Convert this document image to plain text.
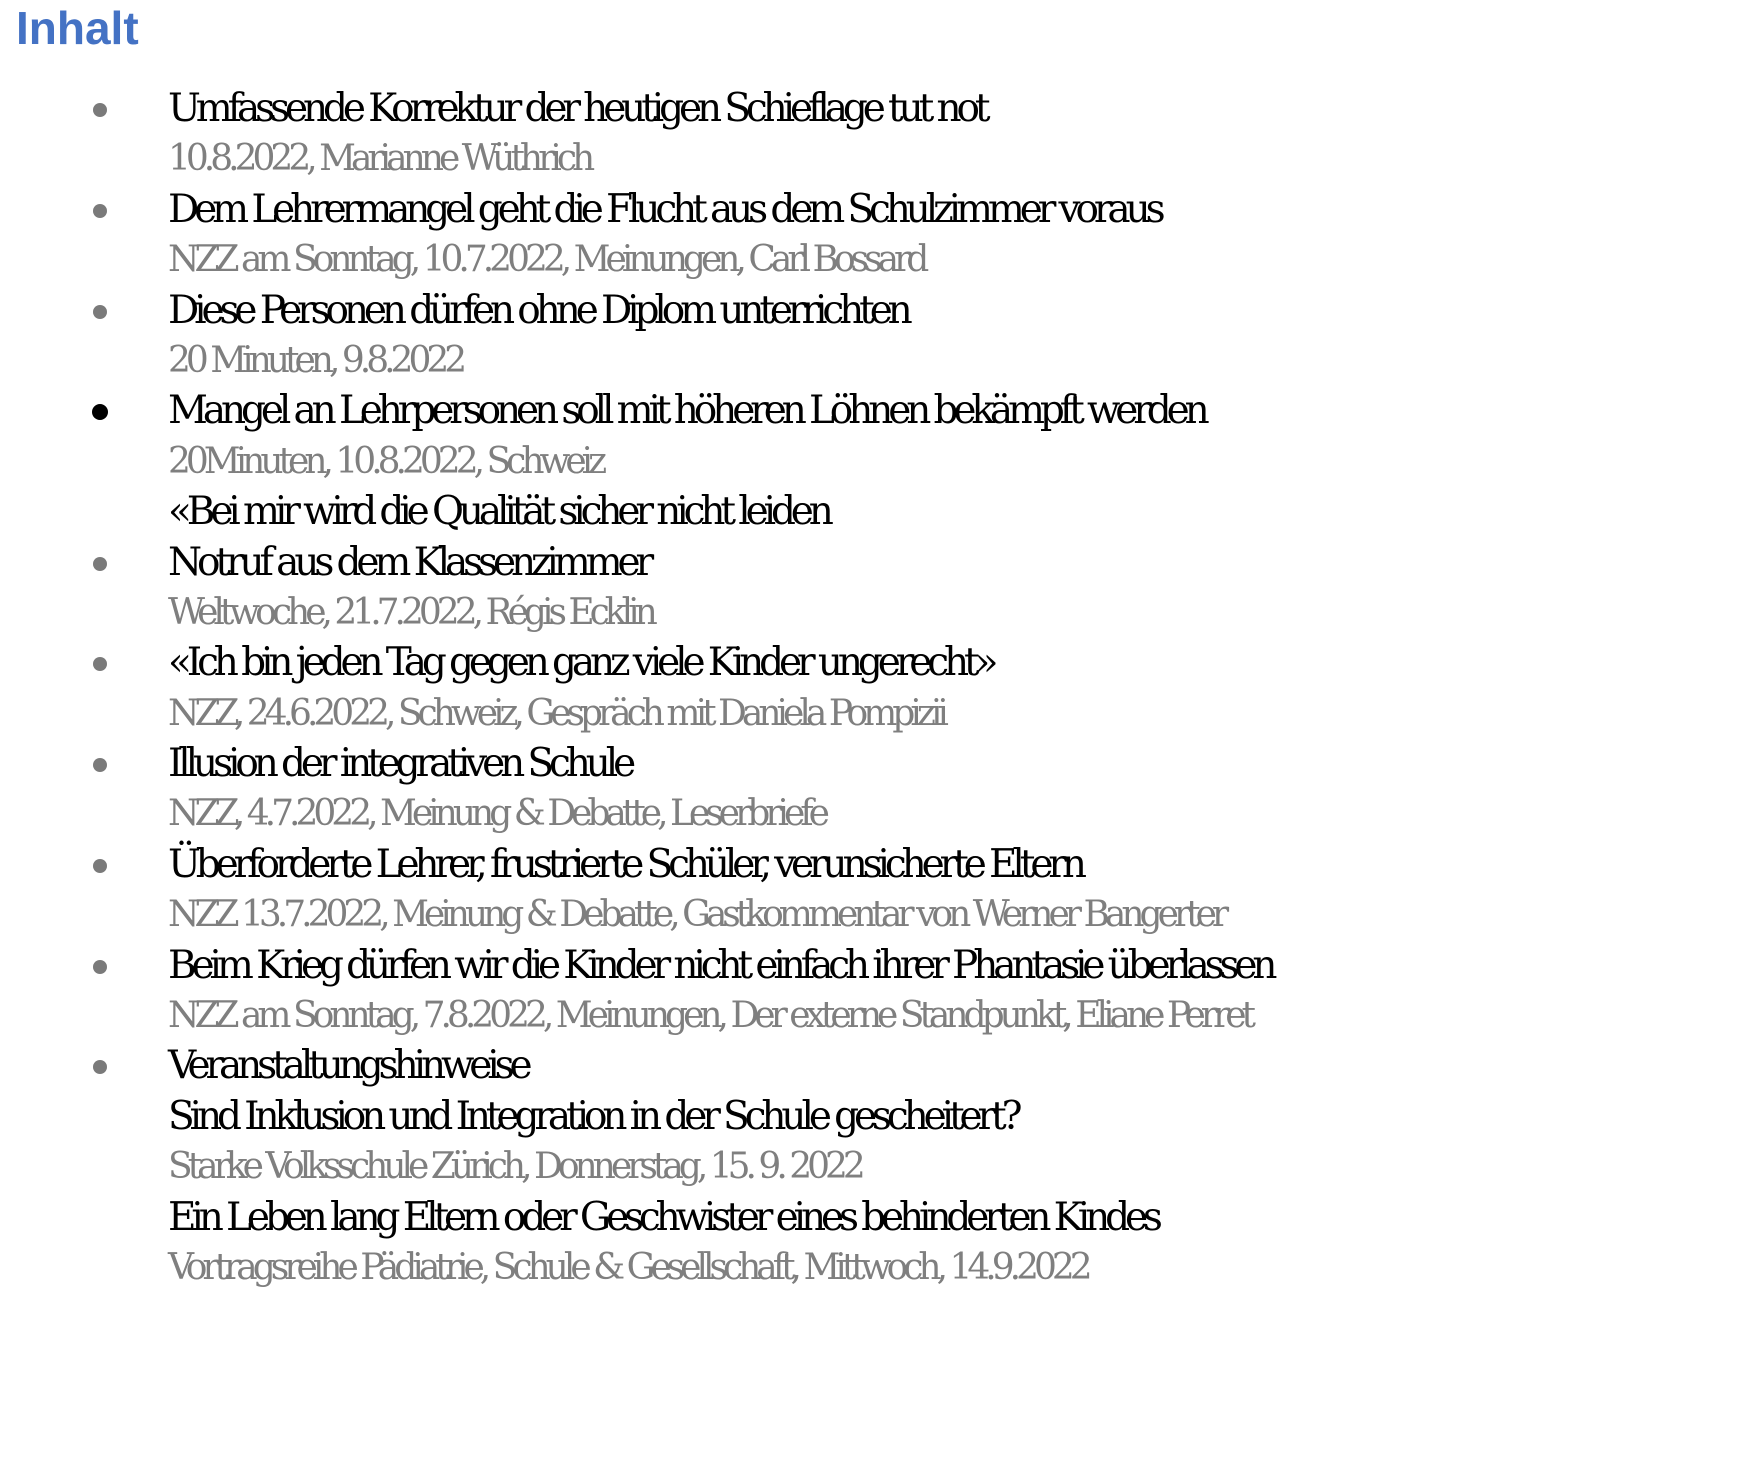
Inhalt
Umfassende Korrektur der heutigen Schieflage tut not
10.8.2022, Marianne Wüthrich
Dem Lehrermangel geht die Flucht aus dem Schulzimmer voraus
NZZ am Sonntag, 10.7.2022, Meinungen, Carl Bossard
Diese Personen dürfen ohne Diplom unterrichten
20 Minuten, 9.8.2022
Mangel an Lehrpersonen soll mit höheren Löhnen bekämpft werden
20Minuten, 10.8.2022, Schweiz
«Bei mir wird die Qualität sicher nicht leiden
Notruf aus dem Klassenzimmer
Weltwoche, 21.7.2022, Régis Ecklin
«Ich bin jeden Tag gegen ganz viele Kinder ungerecht»
NZZ, 24.6.2022, Schweiz, Gespräch mit Daniela Pompizii
Illusion der integrativen Schule
NZZ, 4.7.2022, Meinung & Debatte, Leserbriefe
Überforderte Lehrer, frustrierte Schüler, verunsicherte Eltern
NZZ 13.7.2022, Meinung & Debatte, Gastkommentar von Werner Bangerter
Beim Krieg dürfen wir die Kinder nicht einfach ihrer Phantasie überlassen
NZZ am Sonntag, 7.8.2022, Meinungen, Der externe Standpunkt, Eliane Perret
Veranstaltungshinweise
Sind Inklusion und Integration in der Schule gescheitert?
Starke Volksschule Zürich, Donnerstag, 15. 9. 2022
Ein Leben lang Eltern oder Geschwister eines behinderten Kindes
Vortragsreihe Pädiatrie, Schule & Gesellschaft, Mittwoch, 14.9.2022
